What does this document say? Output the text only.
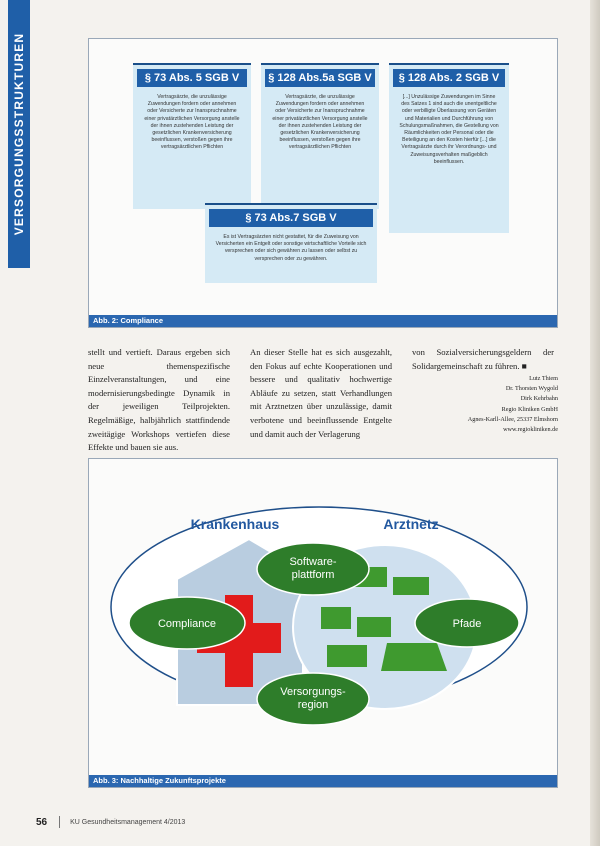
VERSORGUNGSSTRUKTUREN	§ 73 Abs. 5 SGB V
Vertragsärzte, die unzulässige Zuwendungen fordern oder annehmen oder Versicherte zur Inanspruchnahme einer privatärztlichen Versorgung anstelle der ihnen zustehenden Leistung der gesetzlichen Krankenversicherung beeinflussen, verstoßen gegen ihre vertragsärztlichen Pflichten
§ 128 Abs.5a SGB V
Vertragsärzte, die unzulässige Zuwendungen fordern oder annehmen oder Versicherte zur Inanspruchnahme einer privatärztlichen Versorgung anstelle der ihnen zustehenden Leistung der gesetzlichen Krankenversicherung beeinflussen, verstoßen gegen ihre vertragsärztlichen Pflichten
§ 128 Abs. 2 SGB V
[...] Unzulässige Zuwendungen im Sinne des Satzes 1 sind auch die unentgeltliche oder verbilligte Überlassung von Geräten und Materialien und Durchführung von Schulungsmaßnahmen, die Gestellung von Räumlichkeiten oder Personal oder die Beteiligung an den Kosten hierfür [...] die Vertragsärzte durch ihr Verordnungs- und Zuweisungsverhalten maßgeblich beeinflussen.
§ 73 Abs.7 SGB V
Es ist Vertragsärzten nicht gestattet, für die Zuweisung von Versicherten ein Entgelt oder sonstige wirtschaftliche Vorteile sich versprechen oder sich gewähren zu lassen oder selbst zu versprechen oder zu gewähren.
Abb. 2: Compliance
stellt und vertieft. Daraus ergeben sich neue themenspezifische Einzelveranstaltungen, und eine modernisierungsbedingte Dynamik in der jeweiligen Teilprojekten. Regelmäßige, halbjährlich stattfindende zweitägige Workshops vertiefen diese Effekte und bauen sie aus.
An dieser Stelle hat es sich ausgezahlt, den Fokus auf echte Kooperationen und bessere und qualitativ hochwertige Abläufe zu setzen, statt Verhandlungen mit Arztnetzen über unzulässige, damit verbotene und beeinflussende Entgelte und damit auch der Verlagerung
von Sozialversicherungsgeldern der Solidargemeinschaft zu führen. ■
Lutz Thiem
Dr. Thorsten Wygold
Dirk Kehrbahn
Regio Kliniken GmbH
Agnes-Karll-Allee, 25337 Elmshorn
www.regiokliniken.de
Krankenhaus	Arztnetz
Software-
plattform
Compliance	Pfade
Versorgungs-
region
Abb. 3: Nachhaltige Zukunftsprojekte
56	KU Gesundheitsmanagement 4/2013
